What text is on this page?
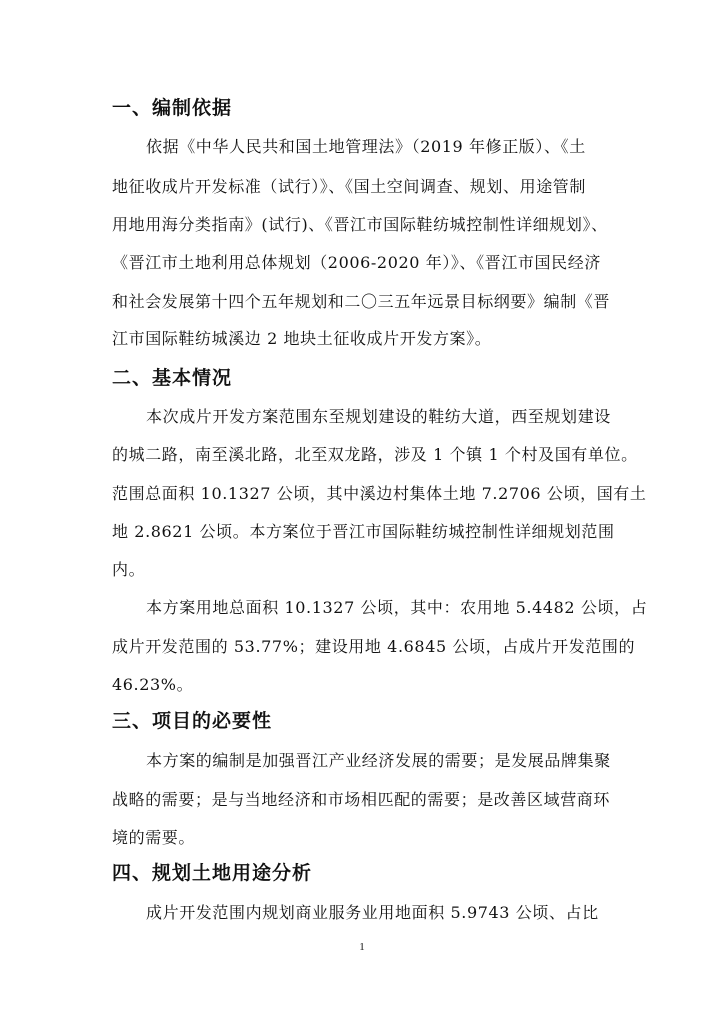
一、编制依据
依据《中华人民共和国土地管理法》（2019 年修正版）、《土
地征收成片开发标准（试行）》、《国土空间调查、规划、用途管制
用地用海分类指南》(试行)、《晋江市国际鞋纺城控制性详细规划》、
《晋江市土地利用总体规划（2006-2020 年）》、《晋江市国民经济
和社会发展第十四个五年规划和二〇三五年远景目标纲要》编制《晋
江市国际鞋纺城溪边 2 地块土征收成片开发方案》。
二、基本情况
本次成片开发方案范围东至规划建设的鞋纺大道，西至规划建设
的城二路，南至溪北路，北至双龙路，涉及 1 个镇 1 个村及国有单位。
范围总面积 10.1327 公顷，其中溪边村集体土地 7.2706 公顷，国有土
地 2.8621 公顷。本方案位于晋江市国际鞋纺城控制性详细规划范围
内。
本方案用地总面积 10.1327 公顷，其中：农用地 5.4482 公顷，占
成片开发范围的 53.77%；建设用地 4.6845 公顷，占成片开发范围的
46.23%。
三、项目的必要性
本方案的编制是加强晋江产业经济发展的需要；是发展品牌集聚
战略的需要；是与当地经济和市场相匹配的需要；是改善区域营商环
境的需要。
四、规划土地用途分析
成片开发范围内规划商业服务业用地面积 5.9743 公顷、占比
1
